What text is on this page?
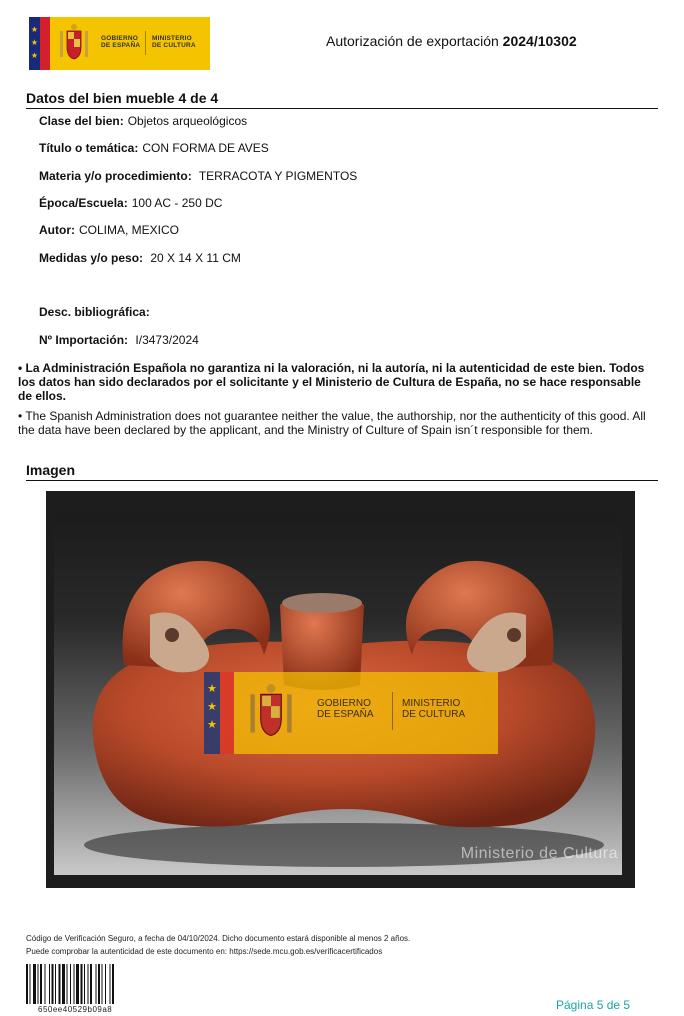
★
★
★
GOBIERNO
DE ESPAÑA
MINISTERIO
DE CULTURA	Autorización de exportación 2024/10302
Datos del bien mueble 4 de 4
Clase del bien: Objetos arqueológicos
Título o temática: CON FORMA DE AVES
Materia y/o procedimiento: TERRACOTA Y PIGMENTOS
Época/Escuela: 100 AC - 250 DC
Autor: COLIMA, MEXICO
Medidas y/o peso: 20 X 14 X 11 CM
Desc. bibliográfica:
Nº Importación: I/3473/2024
• La Administración Española no garantiza ni la valoración, ni la autoría, ni la autenticidad de este bien. Todos los datos han sido declarados por el solicitante y el Ministerio de Cultura de España, no se hace responsable de ellos.
• The Spanish Administration does not guarantee neither the value, the authorship, nor the authenticity of this good. All the data have been declared by the applicant, and the Ministry of Culture of Spain isn´t responsible for them.
Imagen
★
★
★
GOBIERNO
DE ESPAÑA
MINISTERIO
DE CULTURA
Ministerio de Cultura
Código de Verificación Seguro, a fecha de 04/10/2024. Dicho documento estará disponible al menos 2 años.
Puede comprobar la autenticidad de este documento en: https://sede.mcu.gob.es/verificacertificados
650ee40529b09a8	Página 5 de 5
